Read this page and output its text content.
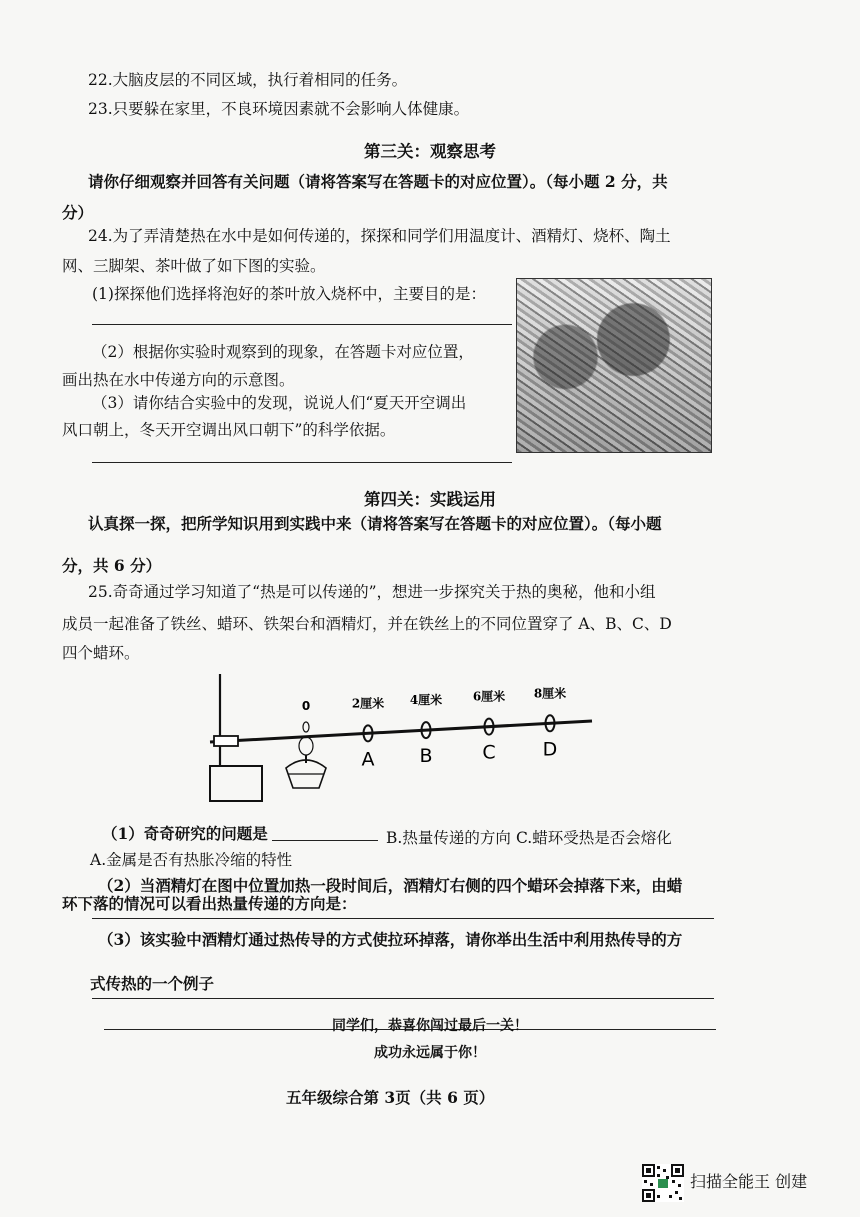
22.大脑皮层的不同区域，执行着相同的任务。
23.只要躲在家里，不良环境因素就不会影响人体健康。
第三关：观察思考
请你仔细观察并回答有关问题（请将答案写在答题卡的对应位置）。（每小题 2 分，共
分）
24.为了弄清楚热在水中是如何传递的，探探和同学们用温度计、酒精灯、烧杯、陶土
网、三脚架、茶叶做了如下图的实验。
(1)探探他们选择将泡好的茶叶放入烧杯中，主要目的是：
（2）根据你实验时观察到的现象，在答题卡对应位置，
画出热在水中传递方向的示意图。
（3）请你结合实验中的发现，说说人们“夏天开空调出
风口朝上，冬天开空调出风口朝下”的科学依据。
第四关：实践运用
认真探一探，把所学知识用到实践中来（请将答案写在答题卡的对应位置）。（每小题
分，共 6 分）
25.奇奇通过学习知道了“热是可以传递的”，想进一步探究关于热的奥秘，他和小组
成员一起准备了铁丝、蜡环、铁架台和酒精灯，并在铁丝上的不同位置穿了 A、B、C、D
四个蜡环。
0	2厘米
A
4厘米
B
6厘米
C
8厘米
D
（1）奇奇研究的问题是	B.热量传递的方向 C.蜡环受热是否会熔化
A.金属是否有热胀冷缩的特性
（2）当酒精灯在图中位置加热一段时间后，酒精灯右侧的四个蜡环会掉落下来，由蜡
环下落的情况可以看出热量传递的方向是：
（3）该实验中酒精灯通过热传导的方式使拉环掉落，请你举出生活中利用热传导的方
式传热的一个例子
同学们，恭喜你闯过最后一关！
成功永远属于你！
五年级综合第 3页（共 6 页）
扫描全能王 创建
